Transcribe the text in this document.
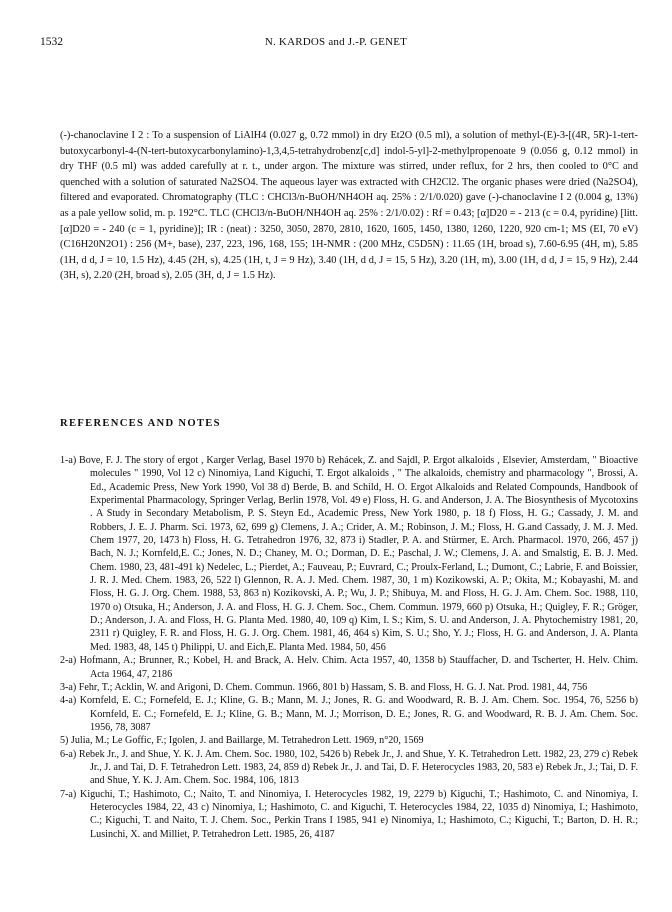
1532	N. KARDOS and J.-P. GENET

(-)-chanoclavine I 2 : To a suspension of LiAlH4 (0.027 g, 0.72 mmol) in dry Et2O (0.5 ml), a solution of methyl-(E)-3-[(4R, 5R)-1-tert-butoxycarbonyl-4-(N-tert-butoxycarbonylamino)-1,3,4,5-tetrahydrobenz[c,d] indol-5-yl]-2-methylpropenoate 9 (0.056 g, 0.12 mmol) in dry THF (0.5 ml) was added carefully at r. t., under argon. The mixture was stirred, under reflux, for 2 hrs, then cooled to 0°C and quenched with a solution of saturated Na2SO4. The aqueous layer was extracted with CH2Cl2. The organic phases were dried (Na2SO4), filtered and evaporated. Chromatography (TLC : CHCl3/n-BuOH/NH4OH aq. 25% : 2/1/0.020) gave (-)-chanoclavine I 2 (0.004 g, 13%) as a pale yellow solid, m. p. 192°C. TLC (CHCl3/n-BuOH/NH4OH aq. 25% : 2/1/0.02) : Rf = 0.43; [α]D20 = - 213 (c = 0.4, pyridine) [litt. [α]D20 = - 240 (c = 1, pyridine)]; IR : (neat) : 3250, 3050, 2870, 2810, 1620, 1605, 1450, 1380, 1260, 1220, 920 cm-1; MS (EI, 70 eV) (C16H20N2O1) : 256 (M+, base), 237, 223, 196, 168, 155; 1H-NMR : (200 MHz, C5D5N) : 11.65 (1H, broad s), 7.60-6.95 (4H, m), 5.85 (1H, d d, J = 10, 1.5 Hz), 4.45 (2H, s), 4.25 (1H, t, J = 9 Hz), 3.40 (1H, d d, J = 15, 5 Hz), 3.20 (1H, m), 3.00 (1H, d d, J = 15, 9 Hz), 2.44 (3H, s), 2.20 (2H, broad s), 2.05 (3H, d, J = 1.5 Hz).

REFERENCES AND NOTES

1-a) Bove, F. J. The story of ergot , Karger Verlag, Basel 1970 b) Rehácek, Z. and Sajdl, P. Ergot alkaloids , Elsevier, Amsterdam, " Bioactive molecules " 1990, Vol 12 c) Ninomiya, I.and Kiguchi, T. Ergot alkaloids , " The alkaloids, chemistry and pharmacology ", Brossi, A. Ed., Academic Press, New York 1990, Vol 38 d) Berde, B. and Schild, H. O. Ergot Alkaloids and Related Compounds, Handbook of Experimental Pharmacology, Springer Verlag, Berlin 1978, Vol. 49 e) Floss, H. G. and Anderson, J. A. The Biosynthesis of Mycotoxins . A Study in Secondary Metabolism, P. S. Steyn Ed., Academic Press, New York 1980, p. 18 f) Floss, H. G.; Cassady, J. M. and Robbers, J. E. J. Pharm. Sci. 1973, 62, 699 g) Clemens, J. A.; Crider, A. M.; Robinson, J. M.; Floss, H. G.and Cassady, J. M. J. Med. Chem 1977, 20, 1473 h) Floss, H. G. Tetrahedron 1976, 32, 873 i) Stadler, P. A. and Stürmer, E. Arch. Pharmacol. 1970, 266, 457 j) Bach, N. J.; Kornfeld,E. C.; Jones, N. D.; Chaney, M. O.; Dorman, D. E.; Paschal, J. W.; Clemens, J. A. and Smalstig, E. B. J. Med. Chem. 1980, 23, 481-491 k) Nedelec, L.; Pierdet, A.; Fauveau, P.; Euvrard, C.; Proulx-Ferland, L.; Dumont, C.; Labrie, F. and Boissier, J. R. J. Med. Chem. 1983, 26, 522 l) Glennon, R. A. J. Med. Chem. 1987, 30, 1 m) Kozikowski, A. P.; Okita, M.; Kobayashi, M. and Floss, H. G. J. Org. Chem. 1988, 53, 863 n) Kozikovski, A. P.; Wu, J. P.; Shibuya, M. and Floss, H. G. J. Am. Chem. Soc. 1988, 110, 1970 o) Otsuka, H.; Anderson, J. A. and Floss, H. G. J. Chem. Soc., Chem. Commun. 1979, 660 p) Otsuka, H.; Quigley, F. R.; Gröger, D.; Anderson, J. A. and Floss, H. G. Planta Med. 1980, 40, 109 q) Kim, I. S.; Kim, S. U. and Anderson, J. A. Phytochemistry 1981, 20, 2311 r) Quigley, F. R. and Floss, H. G. J. Org. Chem. 1981, 46, 464 s) Kim, S. U.; Sho, Y. J.; Floss, H. G. and Anderson, J. A. Planta Med. 1983, 48, 145 t) Philippi, U. and Eich,E. Planta Med. 1984, 50, 456

2-a) Hofmann, A.; Brunner, R.; Kobel, H. and Brack, A. Helv. Chim. Acta 1957, 40, 1358 b) Stauffacher, D. and Tscherter, H. Helv. Chim. Acta 1964, 47, 2186

3-a) Fehr, T.; Acklin, W. and Arigoni, D. Chem. Commun. 1966, 801 b) Hassam, S. B. and Floss, H. G. J. Nat. Prod. 1981, 44, 756

4-a) Kornfeld, E. C.; Fornefeld, E. J.; Kline, G. B.; Mann, M. J.; Jones, R. G. and Woodward, R. B. J. Am. Chem. Soc. 1954, 76, 5256 b) Kornfeld, E. C.; Fornefeld, E. J.; Kline, G. B.; Mann, M. J.; Morrison, D. E.; Jones, R. G. and Woodward, R. B. J. Am. Chem. Soc. 1956, 78, 3087

5) Julia, M.; Le Goffic, F.; Igolen, J. and Baillarge, M. Tetrahedron Lett. 1969, n°20, 1569

6-a) Rebek Jr., J. and Shue, Y. K. J. Am. Chem. Soc. 1980, 102, 5426 b) Rebek Jr., J. and Shue, Y. K. Tetrahedron Lett. 1982, 23, 279 c) Rebek Jr., J. and Tai, D. F. Tetrahedron Lett. 1983, 24, 859 d) Rebek Jr., J. and Tai, D. F. Heterocycles 1983, 20, 583 e) Rebek Jr., J.; Tai, D. F. and Shue, Y. K. J. Am. Chem. Soc. 1984, 106, 1813

7-a) Kiguchi, T.; Hashimoto, C.; Naito, T. and Ninomiya, I. Heterocycles 1982, 19, 2279 b) Kiguchi, T.; Hashimoto, C. and Ninomiya, I. Heterocycles 1984, 22, 43 c) Ninomiya, I.; Hashimoto, C. and Kiguchi, T. Heterocycles 1984, 22, 1035 d) Ninomiya, I.; Hashimoto, C.; Kiguchi, T. and Naito, T. J. Chem. Soc., Perkin Trans I 1985, 941 e) Ninomiya, I.; Hashimoto, C.; Kiguchi, T.; Barton, D. H. R.; Lusinchi, X. and Milliet, P. Tetrahedron Lett. 1985, 26, 4187
